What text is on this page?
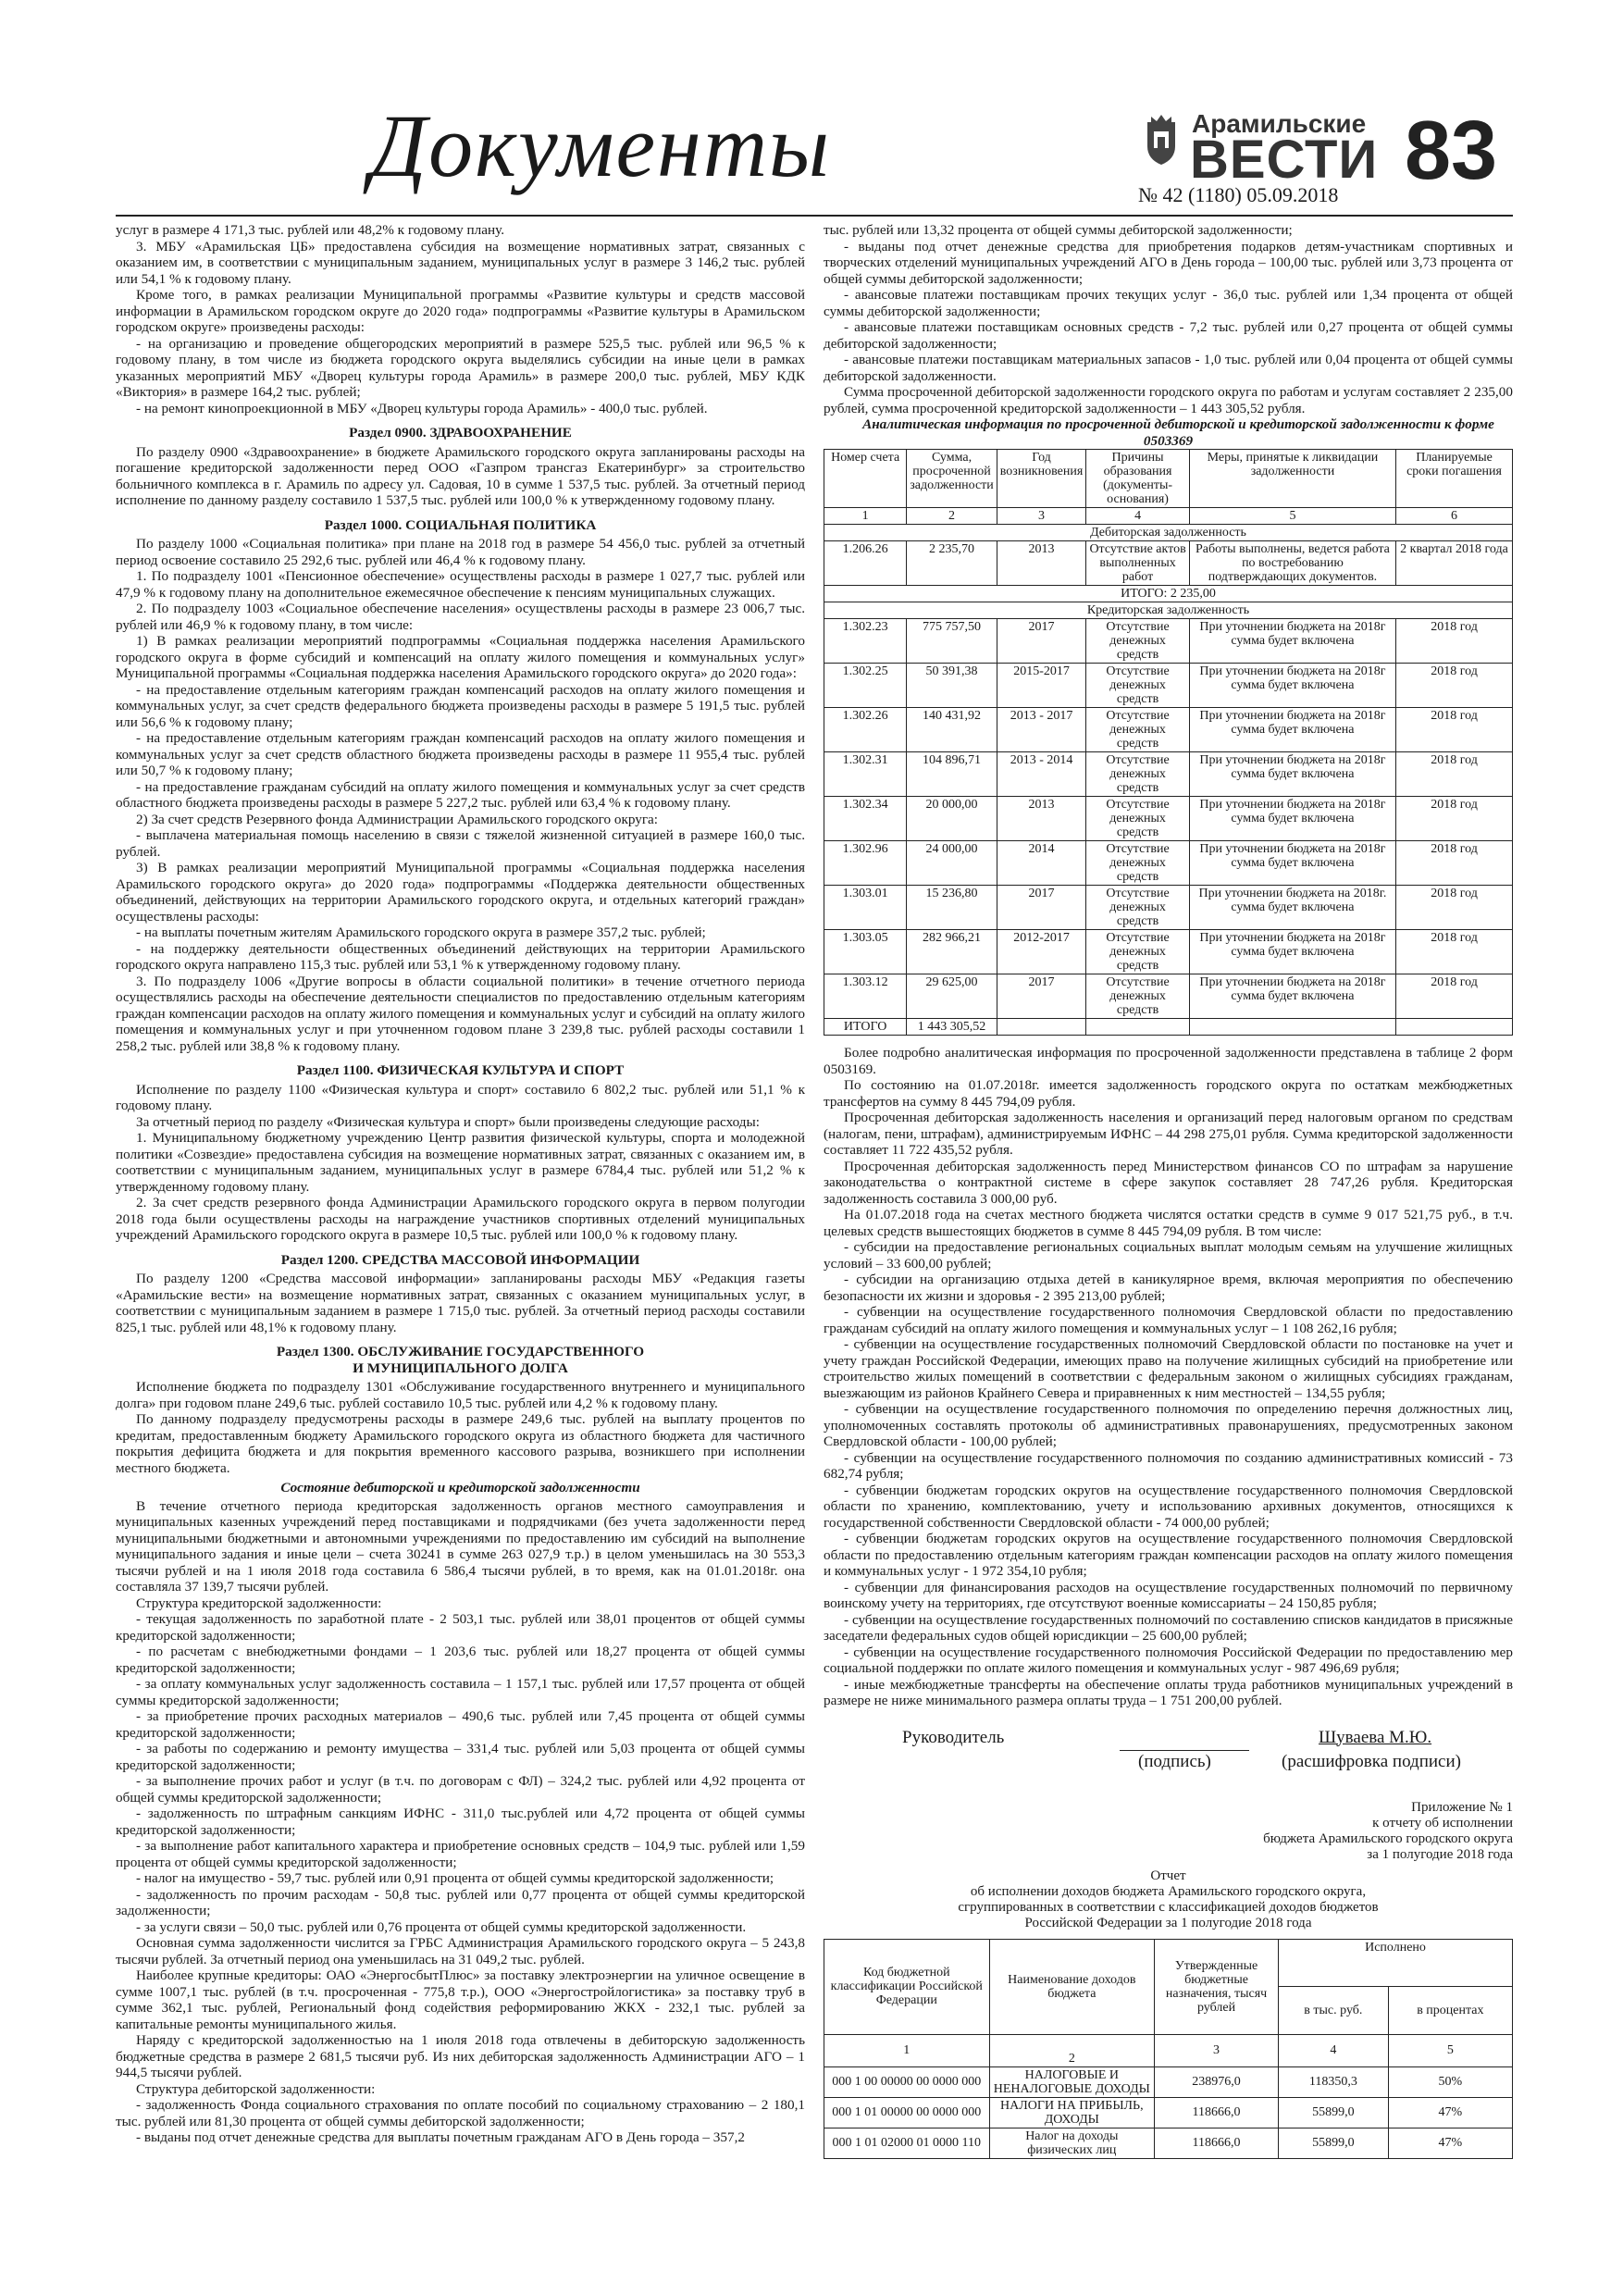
Документы	Арамильские
ВЕСТИ 83
№ 42 (1180) 05.09.2018

услуг в размере 4 171,3 тыс. рублей или 48,2% к годовому плану.

3. МБУ «Арамильская ЦБ» предоставлена субсидия на возмещение нормативных затрат, связанных с оказанием им, в соответствии с муниципальным заданием, муниципальных услуг в размере 3 146,2 тыс. рублей или 54,1 % к годовому плану.

Кроме того, в рамках реализации Муниципальной программы «Развитие культуры и средств массовой информации в Арамильском городском округе до 2020 года» подпрограммы «Развитие культуры в Арамильском городском округе» произведены расходы:

- на организацию и проведение общегородских мероприятий в размере 525,5 тыс. рублей или 96,5 % к годовому плану, в том числе из бюджета городского округа выделялись субсидии на иные цели в рамках указанных мероприятий МБУ «Дворец культуры города Арамиль» в размере 200,0 тыс. рублей, МБУ КДК «Виктория» в размере 164,2 тыс. рублей;

- на ремонт кинопроекционной в МБУ «Дворец культуры города Арамиль» - 400,0 тыс. рублей.

Раздел 0900. ЗДРАВООХРАНЕНИЕ

По разделу 0900 «Здравоохранение» в бюджете Арамильского городского округа запланированы расходы на погашение кредиторской задолженности перед ООО «Газпром трансгаз Екатеринбург» за строительство больничного комплекса в г. Арамиль по адресу ул. Садовая, 10 в сумме 1 537,5 тыс. рублей. За отчетный период исполнение по данному разделу составило 1 537,5 тыс. рублей или 100,0 % к утвержденному годовому плану.

Раздел 1000. СОЦИАЛЬНАЯ ПОЛИТИКА

По разделу 1000 «Социальная политика» при плане на 2018 год в размере 54 456,0 тыс. рублей за отчетный период освоение составило 25 292,6 тыс. рублей или 46,4 % к годовому плану.

1. По подразделу 1001 «Пенсионное обеспечение» осуществлены расходы в размере 1 027,7 тыс. рублей или 47,9 % к годовому плану на дополнительное ежемесячное обеспечение к пенсиям муниципальных служащих.

2. По подразделу 1003 «Социальное обеспечение населения» осуществлены расходы в размере 23 006,7 тыс. рублей или 46,9 % к годовому плану, в том числе:

1) В рамках реализации мероприятий подпрограммы «Социальная поддержка населения Арамильского городского округа в форме субсидий и компенсаций на оплату жилого помещения и коммунальных услуг» Муниципальной программы «Социальная поддержка населения Арамильского городского округа» до 2020 года»:

- на предоставление отдельным категориям граждан компенсаций расходов на оплату жилого помещения и коммунальных услуг, за счет средств федерального бюджета произведены расходы в размере 5 191,5 тыс. рублей или 56,6 % к годовому плану;

- на предоставление отдельным категориям граждан компенсаций расходов на оплату жилого помещения и коммунальных услуг за счет средств областного бюджета произведены расходы в размере 11 955,4 тыс. рублей или 50,7 % к годовому плану;

- на предоставление гражданам субсидий на оплату жилого помещения и коммунальных услуг за счет средств областного бюджета произведены расходы в размере 5 227,2 тыс. рублей или 63,4 % к годовому плану.

2) За счет средств Резервного фонда Администрации Арамильского городского округа:

- выплачена материальная помощь населению в связи с тяжелой жизненной ситуацией в размере 160,0 тыс. рублей.

3) В рамках реализации мероприятий Муниципальной программы «Социальная поддержка населения Арамильского городского округа» до 2020 года» подпрограммы «Поддержка деятельности общественных объединений, действующих на территории Арамильского городского округа, и отдельных категорий граждан» осуществлены расходы:

- на выплаты почетным жителям Арамильского городского округа в размере 357,2 тыс. рублей;

- на поддержку деятельности общественных объединений действующих на территории Арамильского городского округа направлено 115,3 тыс. рублей или 53,1 % к утвержденному годовому плану.

3. По подразделу 1006 «Другие вопросы в области социальной политики» в течение отчетного периода осуществлялись расходы на обеспечение деятельности специалистов по предоставлению отдельным категориям граждан компенсации расходов на оплату жилого помещения и коммунальных услуг и субсидий на оплату жилого помещения и коммунальных услуг и при уточненном годовом плане 3 239,8 тыс. рублей расходы составили 1 258,2 тыс. рублей или 38,8 % к годовому плану.

Раздел 1100. ФИЗИЧЕСКАЯ КУЛЬТУРА И СПОРТ

Исполнение по разделу 1100 «Физическая культура и спорт» составило 6 802,2 тыс. рублей или 51,1 % к годовому плану.

За отчетный период по разделу «Физическая культура и спорт» были произведены следующие расходы:

1. Муниципальному бюджетному учреждению Центр развития физической культуры, спорта и молодежной политики «Созвездие» предоставлена субсидия на возмещение нормативных затрат, связанных с оказанием им, в соответствии с муниципальным заданием, муниципальных услуг в размере 6784,4 тыс. рублей или 51,2 % к утвержденному годовому плану.

2. За счет средств резервного фонда Администрации Арамильского городского округа в первом полугодии 2018 года были осуществлены расходы на награждение участников спортивных отделений муниципальных учреждений Арамильского городского округа в размере 10,5 тыс. рублей или 100,0 % к годовому плану.

Раздел 1200. СРЕДСТВА МАССОВОЙ ИНФОРМАЦИИ

По разделу 1200 «Средства массовой информации» запланированы расходы МБУ «Редакция газеты «Арамильские вести» на возмещение нормативных затрат, связанных с оказанием муниципальных услуг, в соответствии с муниципальным заданием в размере 1 715,0 тыс. рублей. За отчетный период расходы составили 825,1 тыс. рублей или 48,1% к годовому плану.

Раздел 1300. ОБСЛУЖИВАНИЕ ГОСУДАРСТВЕННОГО
И МУНИЦИПАЛЬНОГО ДОЛГА

Исполнение бюджета по подразделу 1301 «Обслуживание государственного внутреннего и муниципального долга» при годовом плане 249,6 тыс. рублей составило 10,5 тыс. рублей или 4,2 % к годовому плану.

По данному подразделу предусмотрены расходы в размере 249,6 тыс. рублей на выплату процентов по кредитам, предоставленным бюджету Арамильского городского округа из областного бюджета для частичного покрытия дефицита бюджета и для покрытия временного кассового разрыва, возникшего при исполнении местного бюджета.

Состояние дебиторской и кредиторской задолженности

В течение отчетного периода кредиторская задолженность органов местного самоуправления и муниципальных казенных учреждений перед поставщиками и подрядчиками (без учета задолженности перед муниципальными бюджетными и автономными учреждениями по предоставлению им субсидий на выполнение муниципального задания и иные цели – счета 30241 в сумме 263 027,9 т.р.) в целом уменьшилась на 30 553,3 тысячи рублей и на 1 июля 2018 года составила 6 586,4 тысячи рублей, в то время, как на 01.01.2018г. она составляла 37 139,7 тысячи рублей.

Структура кредиторской задолженности:

- текущая задолженность по заработной плате - 2 503,1 тыс. рублей или 38,01 процентов от общей суммы кредиторской задолженности;

- по расчетам с внебюджетными фондами – 1 203,6 тыс. рублей или 18,27 процента от общей суммы кредиторской задолженности;

- за оплату коммунальных услуг задолженность составила – 1 157,1 тыс. рублей или 17,57 процента от общей суммы кредиторской задолженности;

- за приобретение прочих расходных материалов – 490,6 тыс. рублей или 7,45 процента от общей суммы кредиторской задолженности;

- за работы по содержанию и ремонту имущества – 331,4 тыс. рублей или 5,03 процента от общей суммы кредиторской задолженности;

- за выполнение прочих работ и услуг (в т.ч. по договорам с ФЛ) – 324,2 тыс. рублей или 4,92 процента от общей суммы кредиторской задолженности;

- задолженность по штрафным санкциям ИФНС - 311,0 тыс.рублей или 4,72 процента от общей суммы кредиторской задолженности;

- за выполнение работ капитального характера и приобретение основных средств – 104,9 тыс. рублей или 1,59 процента от общей суммы кредиторской задолженности;

- налог на имущество - 59,7 тыс. рублей или 0,91 процента от общей суммы кредиторской задолженности;

- задолженность по прочим расходам - 50,8 тыс. рублей или 0,77 процента от общей суммы кредиторской задолженности;

- за услуги связи – 50,0 тыс. рублей или 0,76 процента от общей суммы кредиторской задолженности.

Основная сумма задолженности числится за ГРБС Администрация Арамильского городского округа – 5 243,8 тысячи рублей. За отчетный период она уменьшилась на 31 049,2 тыс. рублей.

Наиболее крупные кредиторы: ОАО «ЭнергосбытПлюс» за поставку электроэнергии на уличное освещение в сумме 1007,1 тыс. рублей (в т.ч. просроченная - 775,8 т.р.), ООО «Энергостройлогистика» за поставку труб в сумме 362,1 тыс. рублей, Региональный фонд содействия реформированию ЖКХ - 232,1 тыс. рублей за капитальные ремонты муниципального жилья.

Наряду с кредиторской задолженностью на 1 июля 2018 года отвлечены в дебиторскую задолженность бюджетные средства в размере 2 681,5 тысячи руб. Из них дебиторская задолженность Администрации АГО – 1 944,5 тысячи рублей.

Структура дебиторской задолженности:

- задолженность Фонда социального страхования по оплате пособий по социальному страхованию – 2 180,1 тыс. рублей или 81,30 процента от общей суммы дебиторской задолженности;

- выданы под отчет денежные средства для выплаты почетным гражданам АГО в День города – 357,2

тыс. рублей или 13,32 процента от общей суммы дебиторской задолженности;

- выданы под отчет денежные средства для приобретения подарков детям-участникам спортивных и творческих отделений муниципальных учреждений АГО в День города – 100,00 тыс. рублей или 3,73 процента от общей суммы дебиторской задолженности;

- авансовые платежи поставщикам прочих текущих услуг - 36,0 тыс. рублей или 1,34 процента от общей суммы дебиторской задолженности;

- авансовые платежи поставщикам основных средств - 7,2 тыс. рублей или 0,27 процента от общей суммы дебиторской задолженности;

- авансовые платежи поставщикам материальных запасов - 1,0 тыс. рублей или 0,04 процента от общей суммы дебиторской задолженности.

Сумма просроченной дебиторской задолженности городского округа по работам и услугам составляет 2 235,00 рублей, сумма просроченной кредиторской задолженности – 1 443 305,52 рубля.

Аналитическая информация по просроченной дебиторской и кредиторской задолженности к форме 0503369

Номер счета	Сумма, просроченной задолженности	Год возникновения	Причины образования (документы-основания)	Меры, принятые к ликвидации задолженности	Планируемые сроки погашения
1	2	3	4	5	6
Дебиторская задолженность					
1.206.26	2 235,70	2013	Отсутствие актов выполненных работ	Работы выполнены, ведется работа по востребованию подтверждающих документов.	2 квартал 2018 года
ИТОГО: 2 235,00					
Кредиторская задолженность					
1.302.23	775 757,50	2017	Отсутствие денежных средств	При уточнении бюджета на 2018г сумма будет включена	2018 год
1.302.25	50 391,38	2015-2017	Отсутствие денежных средств	При уточнении бюджета на 2018г сумма будет включена	2018 год
1.302.26	140 431,92	2013 - 2017	Отсутствие денежных средств	При уточнении бюджета на 2018г сумма будет включена	2018 год
1.302.31	104 896,71	2013 - 2014	Отсутствие денежных средств	При уточнении бюджета на 2018г сумма будет включена	2018 год
1.302.34	20 000,00	2013	Отсутствие денежных средств	При уточнении бюджета на 2018г сумма будет включена	2018 год
1.302.96	24 000,00	2014	Отсутствие денежных средств	При уточнении бюджета на 2018г сумма будет включена	2018 год
1.303.01	15 236,80	2017	Отсутствие денежных средств	При уточнении бюджета на 2018г. сумма будет включена	2018 год
1.303.05	282 966,21	2012-2017	Отсутствие денежных средств	При уточнении бюджета на 2018г сумма будет включена	2018 год
1.303.12	29 625,00	2017	Отсутствие денежных средств	При уточнении бюджета на 2018г сумма будет включена	2018 год
ИТОГО	1 443 305,52				

Более подробно аналитическая информация по просроченной задолженности представлена в таблице 2 форм 0503169.

По состоянию на 01.07.2018г. имеется задолженность городского округа по остаткам межбюджетных трансфертов на сумму 8 445 794,09 рубля.

Просроченная дебиторская задолженность населения и организаций перед налоговым органом по средствам (налогам, пени, штрафам), администрируемым ИФНС – 44 298 275,01 рубля. Сумма кредиторской задолженности составляет 11 722 435,52 рубля.

Просроченная дебиторская задолженность перед Министерством финансов СО по штрафам за нарушение законодательства о контрактной системе в сфере закупок составляет 28 747,26 рубля. Кредиторская задолженность составила 3 000,00 руб.

На 01.07.2018 года на счетах местного бюджета числятся остатки средств в сумме 9 017 521,75 руб., в т.ч. целевых средств вышестоящих бюджетов в сумме 8 445 794,09 рубля. В том числе:

- субсидии на предоставление региональных социальных выплат молодым семьям на улучшение жилищных условий – 33 600,00 рублей;

- субсидии на организацию отдыха детей в каникулярное время, включая мероприятия по обеспечению безопасности их жизни и здоровья - 2 395 213,00 рублей;

- субвенции на осуществление государственного полномочия Свердловской области по предоставлению гражданам субсидий на оплату жилого помещения и коммунальных услуг – 1 108 262,16 рубля;

- субвенции на осуществление государственных полномочий Свердловской области по постановке на учет и учету граждан Российской Федерации, имеющих право на получение жилищных субсидий на приобретение или строительство жилых помещений в соответствии с федеральным законом о жилищных субсидиях гражданам, выезжающим из районов Крайнего Севера и приравненных к ним местностей – 134,55 рубля;

- субвенции на осуществление государственного полномочия по определению перечня должностных лиц, уполномоченных составлять протоколы об административных правонарушениях, предусмотренных законом Свердловской области - 100,00 рублей;

- субвенции на осуществление государственного полномочия по созданию административных комиссий - 73 682,74 рубля;

- субвенции бюджетам городских округов на осуществление государственного полномочия Свердловской области по хранению, комплектованию, учету и использованию архивных документов, относящихся к государственной собственности Свердловской области - 74 000,00 рублей;

- субвенции бюджетам городских округов на осуществление государственного полномочия Свердловской области по предоставлению отдельным категориям граждан компенсации расходов на оплату жилого помещения и коммунальных услуг - 1 972 354,10 рубля;

- субвенции для финансирования расходов на осуществление государственных полномочий по первичному воинскому учету на территориях, где отсутствуют военные комиссариаты – 24 150,85 рубля;

- субвенции на осуществление государственных полномочий по составлению списков кандидатов в присяжные заседатели федеральных судов общей юрисдикции – 25 600,00 рублей;

- субвенции на осуществление государственного полномочия Российской Федерации по предоставлению мер социальной поддержки по оплате жилого помещения и коммунальных услуг - 987 496,69 рубля;

- иные межбюджетные трансферты на обеспечение оплаты труда работников муниципальных учреждений в размере не ниже минимального размера оплаты труда – 1 751 200,00 рублей.

Руководитель
(подпись)
Шуваева М.Ю.
(расшифровка подписи)
Приложение № 1
к отчету об исполнении
бюджета Арамильского городского округа
за 1 полугодие 2018 года

Отчет

об исполнении доходов бюджета Арамильского городского округа,

сгруппированных в соответствии с классификацией доходов бюджетов

Российской Федерации за 1 полугодие 2018 года

Код бюджетной классификации Российской Федерации	Наименование доходов бюджета	Утвержденные бюджетные назначения, тысяч рублей	Исполнено	
			в тыс. руб.	в процентах
1	2	3	4	5
000 1 00 00000 00 0000 000	НАЛОГОВЫЕ И НЕНАЛОГОВЫЕ ДОХОДЫ	238976,0	118350,3	50%
000 1 01 00000 00 0000 000	НАЛОГИ НА ПРИБЫЛЬ, ДОХОДЫ	118666,0	55899,0	47%
000 1 01 02000 01 0000 110	Налог на доходы физических лиц	118666,0	55899,0	47%
